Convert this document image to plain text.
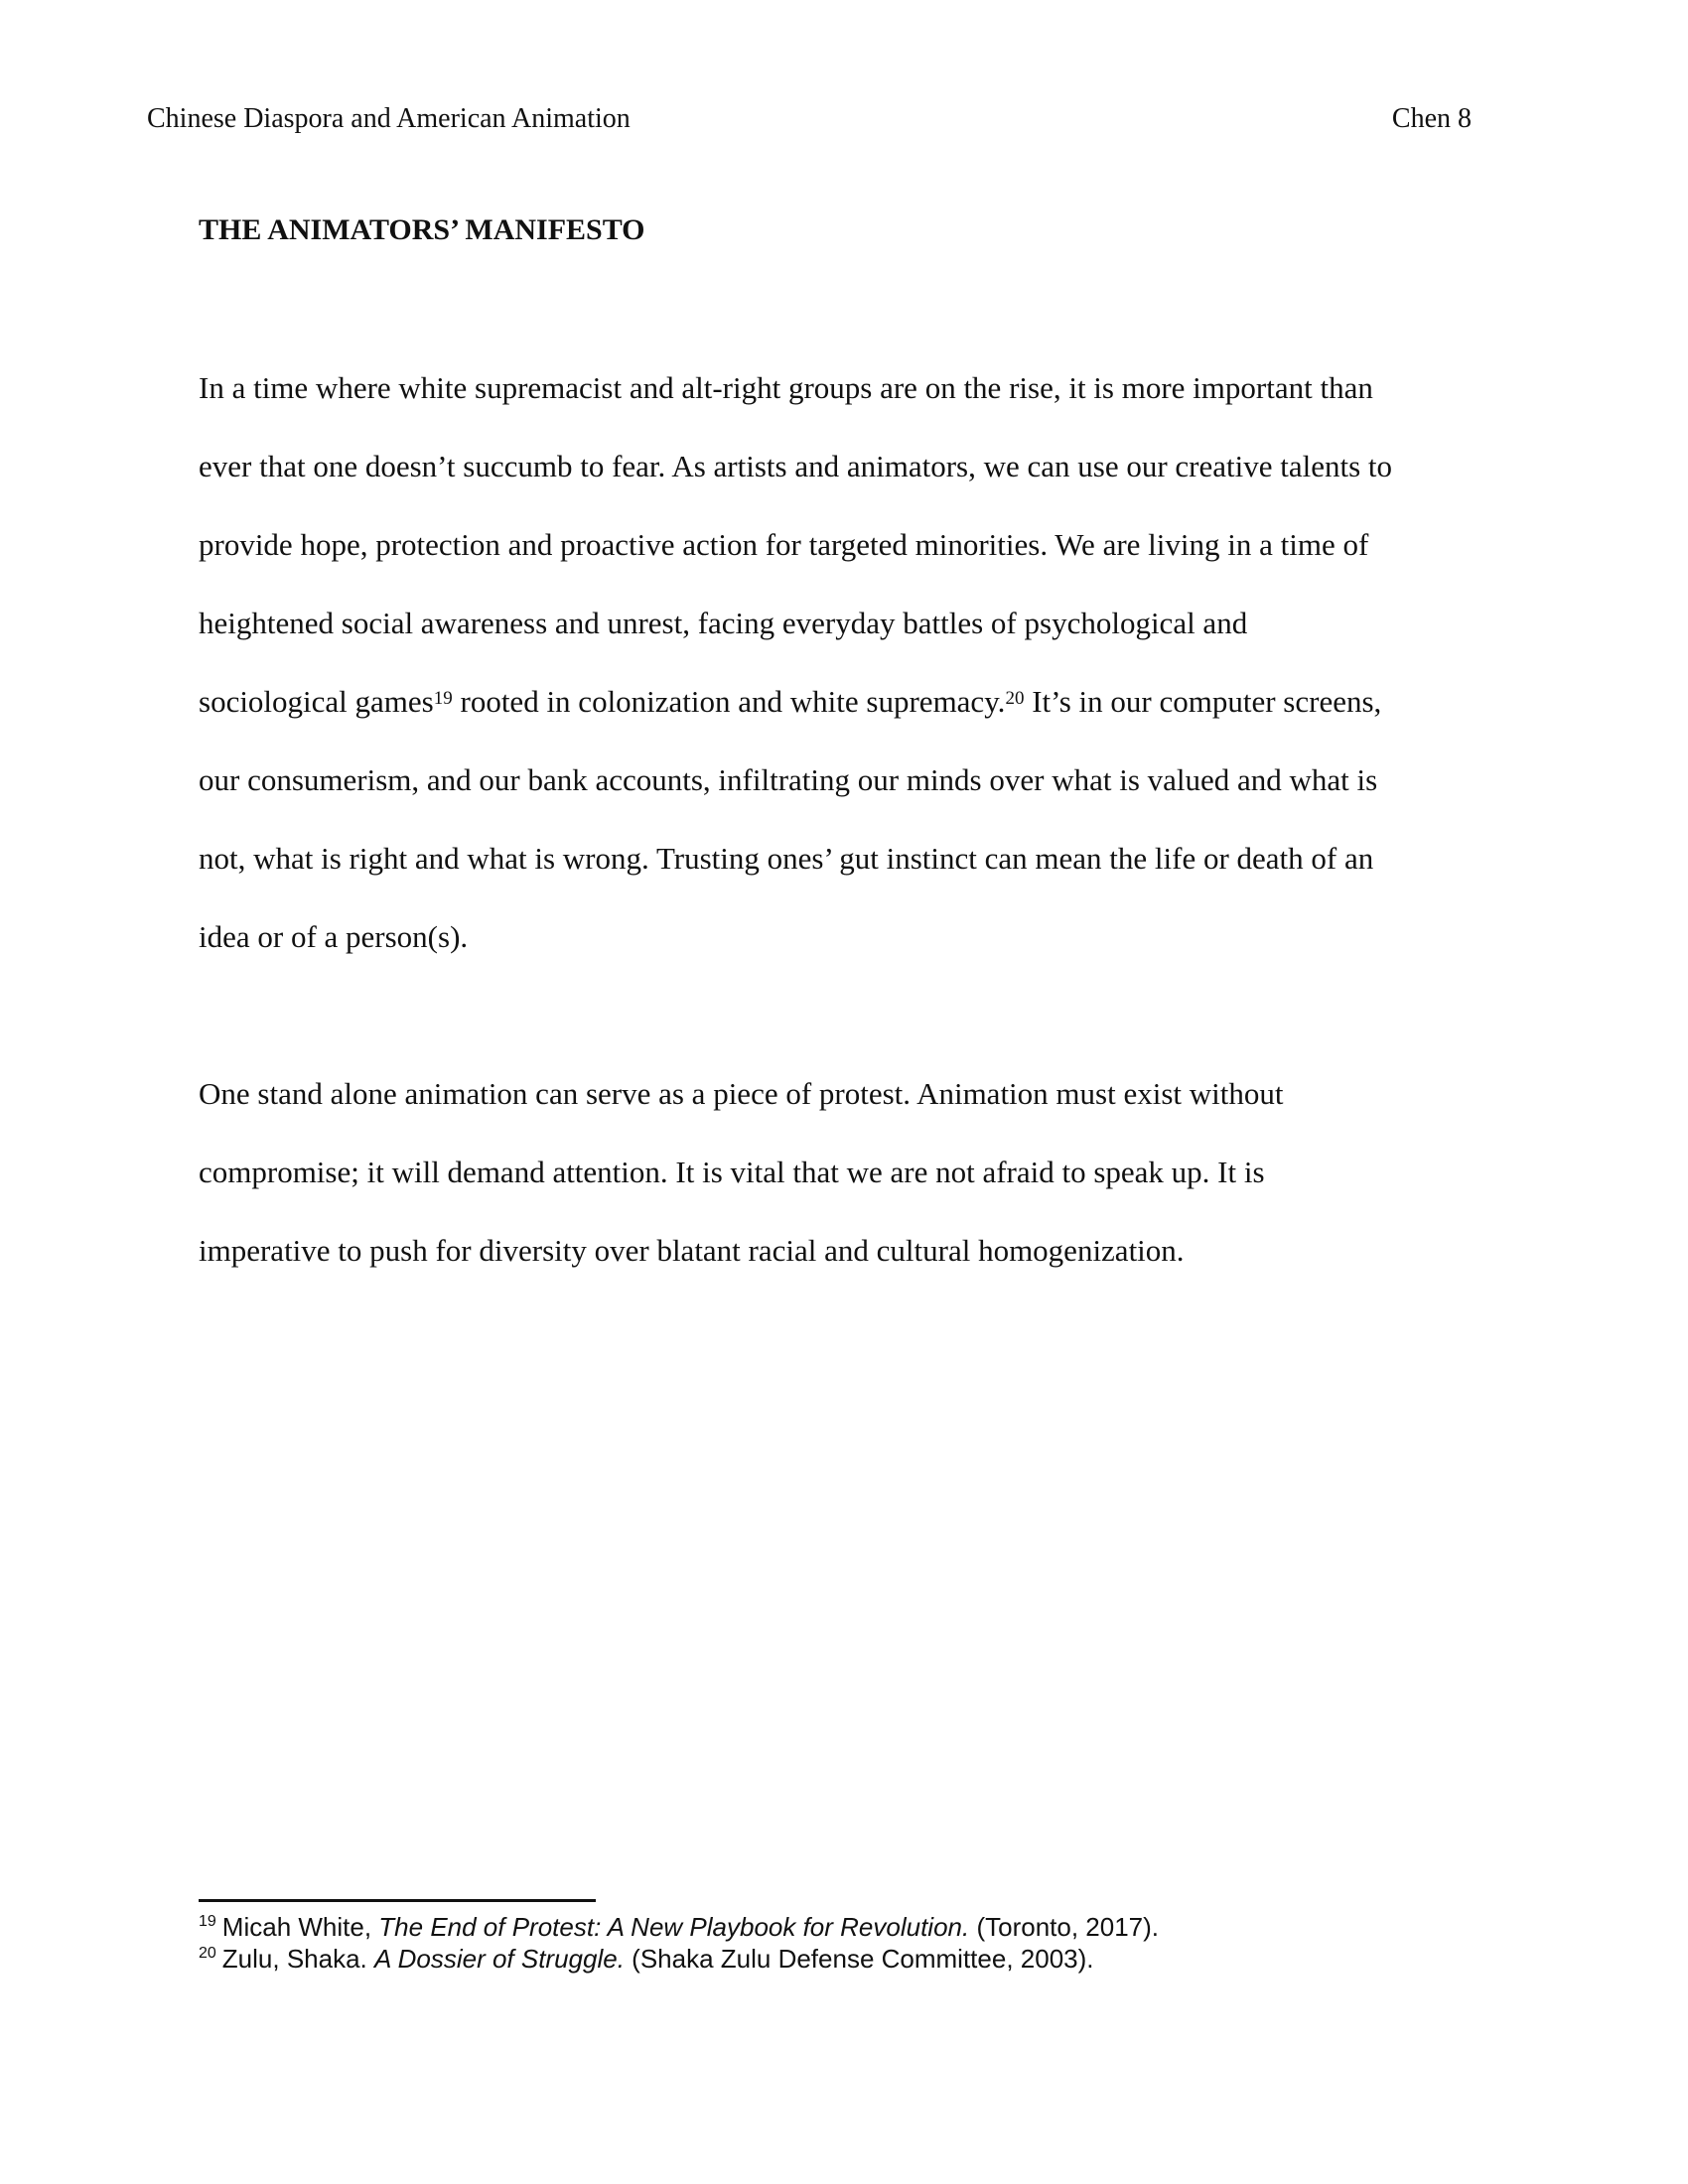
Chinese Diaspora and American Animation	Chen 8
THE ANIMATORS’ MANIFESTO
In a time where white supremacist and alt-right groups are on the rise, it is more important than
ever that one doesn’t succumb to fear. As artists and animators, we can use our creative talents to
provide hope, protection and proactive action for targeted minorities. We are living in a time of
heightened social awareness and unrest, facing everyday battles of psychological and
sociological games$^{19}$ rooted in colonization and white supremacy.$^{20}$ It’s in our computer screens,
our consumerism, and our bank accounts, infiltrating our minds over what is valued and what is
not, what is right and what is wrong. Trusting ones’ gut instinct can mean the life or death of an
idea or of a person(s).
One stand alone animation can serve as a piece of protest. Animation must exist without
compromise; it will demand attention. It is vital that we are not afraid to speak up. It is
imperative to push for diversity over blatant racial and cultural homogenization.
$^{19}$ Micah White, The End of Protest: A New Playbook for Revolution. (Toronto, 2017).
$^{20}$ Zulu, Shaka. A Dossier of Struggle. (Shaka Zulu Defense Committee, 2003).
